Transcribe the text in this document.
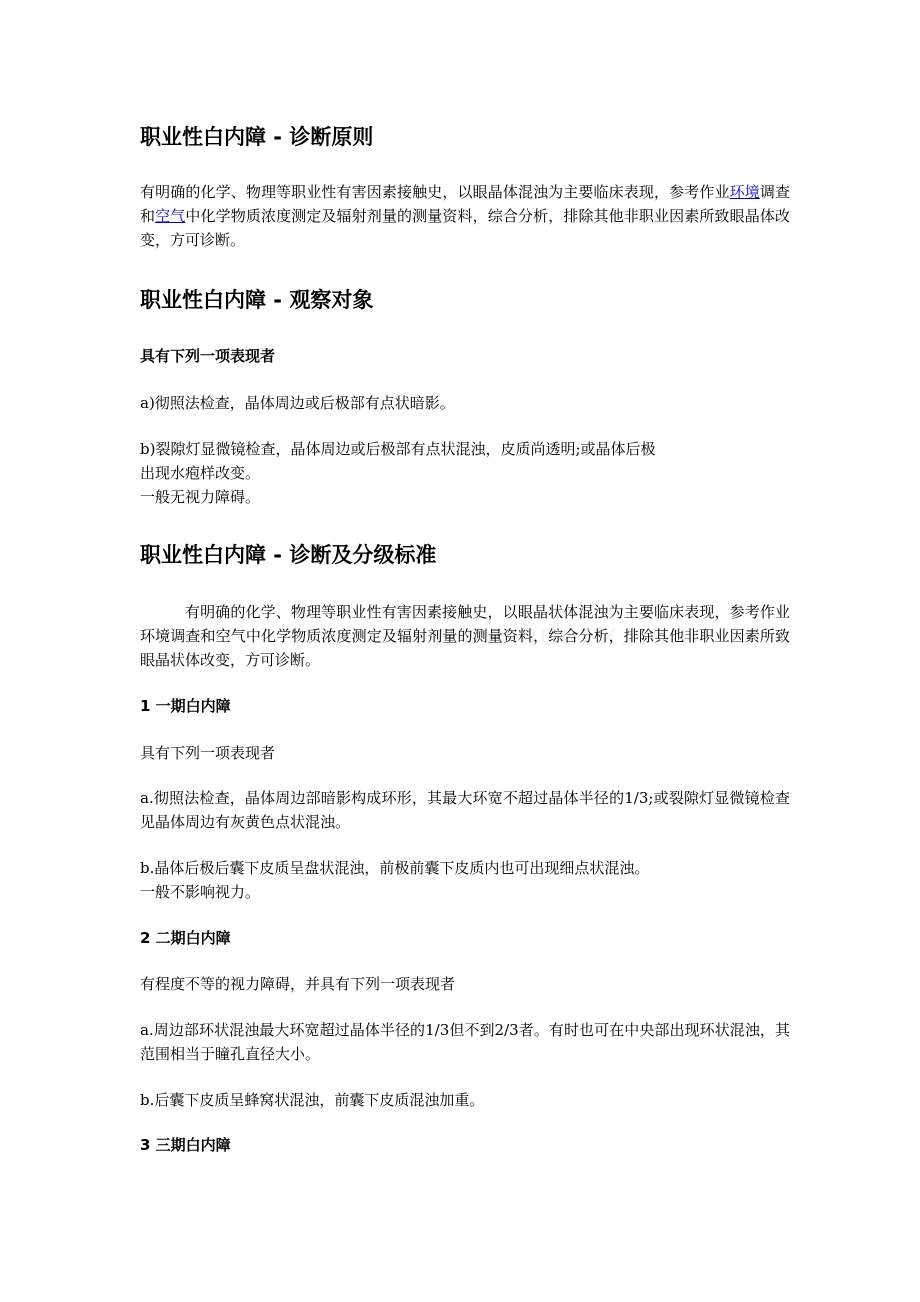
职业性白内障 - 诊断原则

有明确的化学、物理等职业性有害因素接触史，以眼晶体混浊为主要临床表现，参考作业环境调查和空气中化学物质浓度测定及辐射剂量的测量资料，综合分析，排除其他非职业因素所致眼晶体改变，方可诊断。

职业性白内障 - 观察对象
具有下列一项表现者

a)彻照法检查，晶体周边或后极部有点状暗影。

b)裂隙灯显微镜检查，晶体周边或后极部有点状混浊，皮质尚透明;或晶体后极
出现水疱样改变。
一般无视力障碍。

职业性白内障 - 诊断及分级标准

有明确的化学、物理等职业性有害因素接触史，以眼晶状体混浊为主要临床表现，参考作业环境调查和空气中化学物质浓度测定及辐射剂量的测量资料，综合分析，排除其他非职业因素所致眼晶状体改变，方可诊断。

1 一期白内障

具有下列一项表现者

a.彻照法检查，晶体周边部暗影构成环形，其最大环宽不超过晶体半径的1/3;或裂隙灯显微镜检查见晶体周边有灰黄色点状混浊。

b.晶体后极后囊下皮质呈盘状混浊，前极前囊下皮质内也可出现细点状混浊。
一般不影响视力。

2 二期白内障

有程度不等的视力障碍，并具有下列一项表现者

a.周边部环状混浊最大环宽超过晶体半径的1/3但不到2/3者。有时也可在中央部出现环状混浊，其范围相当于瞳孔直径大小。

b.后囊下皮质呈蜂窝状混浊，前囊下皮质混浊加重。

3 三期白内障
